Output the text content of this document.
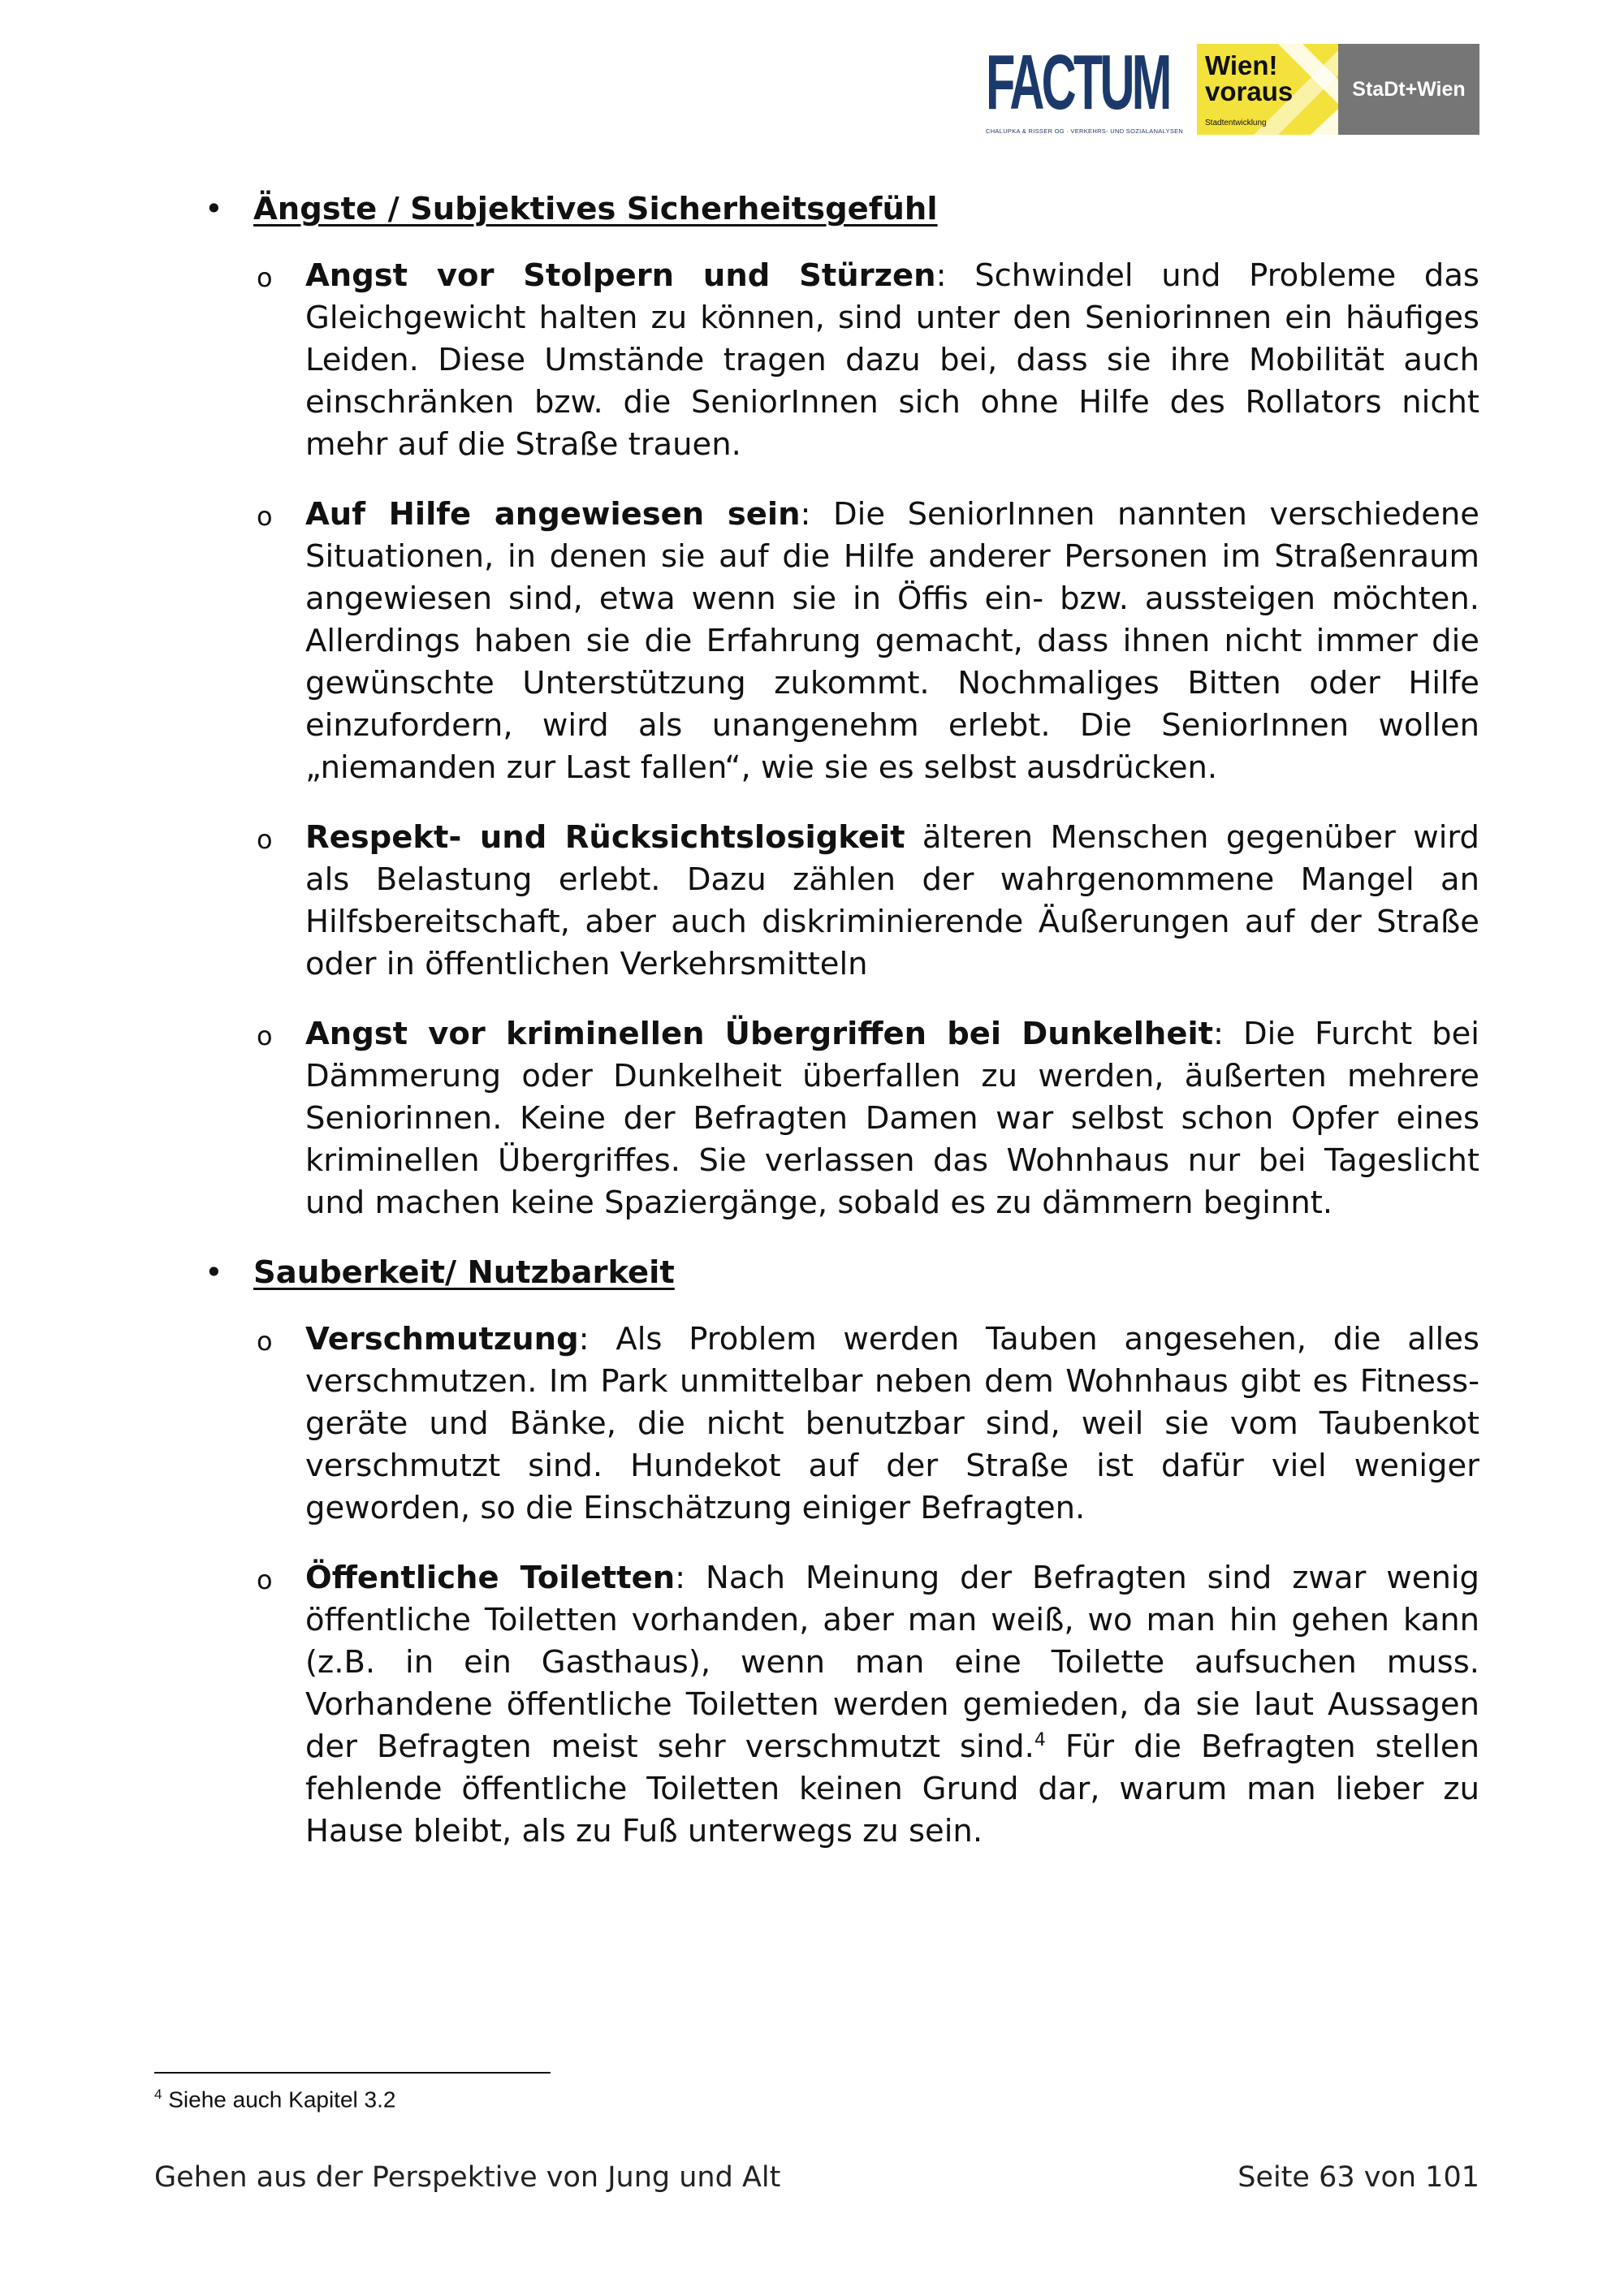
FACTUM
CHALUPKA & RISSER OG · VERKEHRS- UND SOZIALANALYSEN
Wien!
voraus
Stadtentwicklung
StaDt+Wien
• Ängste / Subjektives Sicherheitsgefühl
o Angst vor Stolpern und Stürzen: Schwindel und Probleme das Gleichgewicht halten zu können, sind unter den Seniorinnen ein häufiges Leiden. Diese Umstände tragen dazu bei, dass sie ihre Mobilität auch einschränken bzw. die SeniorInnen sich ohne Hilfe des Rollators nicht mehr auf die Straße trauen.
o Auf Hilfe angewiesen sein: Die SeniorInnen nannten verschiedene Situationen, in denen sie auf die Hilfe anderer Personen im Straßenraum angewiesen sind, etwa wenn sie in Öffis ein- bzw. aussteigen möchten. Allerdings haben sie die Erfahrung gemacht, dass ihnen nicht immer die gewünschte Unterstützung zukommt. Nochmaliges Bitten oder Hilfe einzufordern, wird als unangenehm erlebt. Die SeniorInnen wollen „niemanden zur Last fallen“, wie sie es selbst ausdrücken.
o Respekt- und Rücksichtslosigkeit älteren Menschen gegenüber wird als Belastung erlebt. Dazu zählen der wahrgenommene Mangel an Hilfsbereitschaft, aber auch diskriminierende Äußerungen auf der Straße oder in öffentlichen Verkehrsmitteln
o Angst vor kriminellen Übergriffen bei Dunkelheit: Die Furcht bei Dämmerung oder Dunkelheit überfallen zu werden, äußerten mehrere Seniorinnen. Keine der Befragten Damen war selbst schon Opfer eines kriminellen Übergriffes. Sie verlassen das Wohnhaus nur bei Tageslicht und machen keine Spaziergänge, sobald es zu dämmern beginnt.
• Sauberkeit/ Nutzbarkeit
o Verschmutzung: Als Problem werden Tauben angesehen, die alles verschmutzen. Im Park unmittelbar neben dem Wohnhaus gibt es Fitness-geräte und Bänke, die nicht benutzbar sind, weil sie vom Taubenkot verschmutzt sind. Hundekot auf der Straße ist dafür viel weniger geworden, so die Einschätzung einiger Befragten.
o Öffentliche Toiletten: Nach Meinung der Befragten sind zwar wenig öffentliche Toiletten vorhanden, aber man weiß, wo man hin gehen kann (z.B. in ein Gasthaus), wenn man eine Toilette aufsuchen muss. Vorhandene öffentliche Toiletten werden gemieden, da sie laut Aussagen der Befragten meist sehr verschmutzt sind.$^4$ Für die Befragten stellen fehlende öffentliche Toiletten keinen Grund dar, warum man lieber zu Hause bleibt, als zu Fuß unterwegs zu sein.
$^4$ Siehe auch Kapitel 3.2
Gehen aus der Perspektive von Jung und Alt	Seite 63 von 101
